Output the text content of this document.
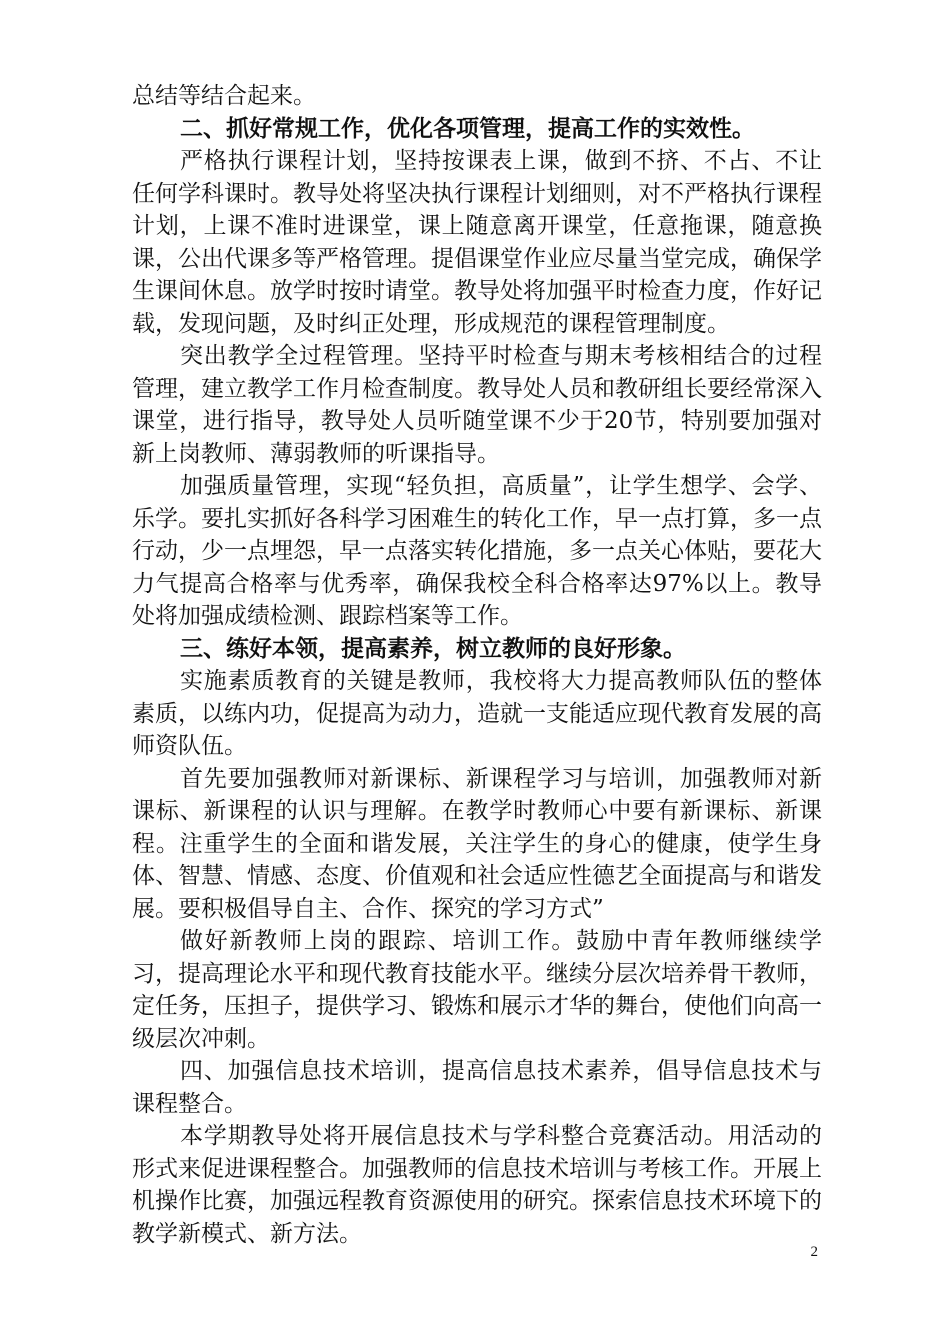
总结等结合起来。

二、抓好常规工作，优化各项管理，提高工作的实效性。

严格执行课程计划，坚持按课表上课，做到不挤、不占、不让任何学科课时。教导处将坚决执行课程计划细则，对不严格执行课程计划，上课不准时进课堂，课上随意离开课堂，任意拖课，随意换课，公出代课多等严格管理。提倡课堂作业应尽量当堂完成，确保学生课间休息。放学时按时请堂。教导处将加强平时检查力度，作好记载，发现问题，及时纠正处理，形成规范的课程管理制度。

突出教学全过程管理。坚持平时检查与期末考核相结合的过程管理，建立教学工作月检查制度。教导处人员和教研组长要经常深入课堂，进行指导，教导处人员听随堂课不少于20节，特别要加强对新上岗教师、薄弱教师的听课指导。

加强质量管理，实现“轻负担，高质量”，让学生想学、会学、乐学。要扎实抓好各科学习困难生的转化工作，早一点打算，多一点行动，少一点埋怨，早一点落实转化措施，多一点关心体贴，要花大力气提高合格率与优秀率，确保我校全科合格率达97%以上。教导处将加强成绩检测、跟踪档案等工作。

三、练好本领，提高素养，树立教师的良好形象。

实施素质教育的关键是教师，我校将大力提高教师队伍的整体素质，以练内功，促提高为动力，造就一支能适应现代教育发展的高师资队伍。

首先要加强教师对新课标、新课程学习与培训，加强教师对新课标、新课程的认识与理解。在教学时教师心中要有新课标、新课程。注重学生的全面和谐发展，关注学生的身心的健康，使学生身体、智慧、情感、态度、价值观和社会适应性德艺全面提高与和谐发展。要积极倡导自主、合作、探究的学习方式”

做好新教师上岗的跟踪、培训工作。鼓励中青年教师继续学习，提高理论水平和现代教育技能水平。继续分层次培养骨干教师，定任务，压担子，提供学习、锻炼和展示才华的舞台，使他们向高一级层次冲刺。

四、加强信息技术培训，提高信息技术素养，倡导信息技术与课程整合。

本学期教导处将开展信息技术与学科整合竞赛活动。用活动的形式来促进课程整合。加强教师的信息技术培训与考核工作。开展上机操作比赛，加强远程教育资源使用的研究。探索信息技术环境下的教学新模式、新方法。

2
